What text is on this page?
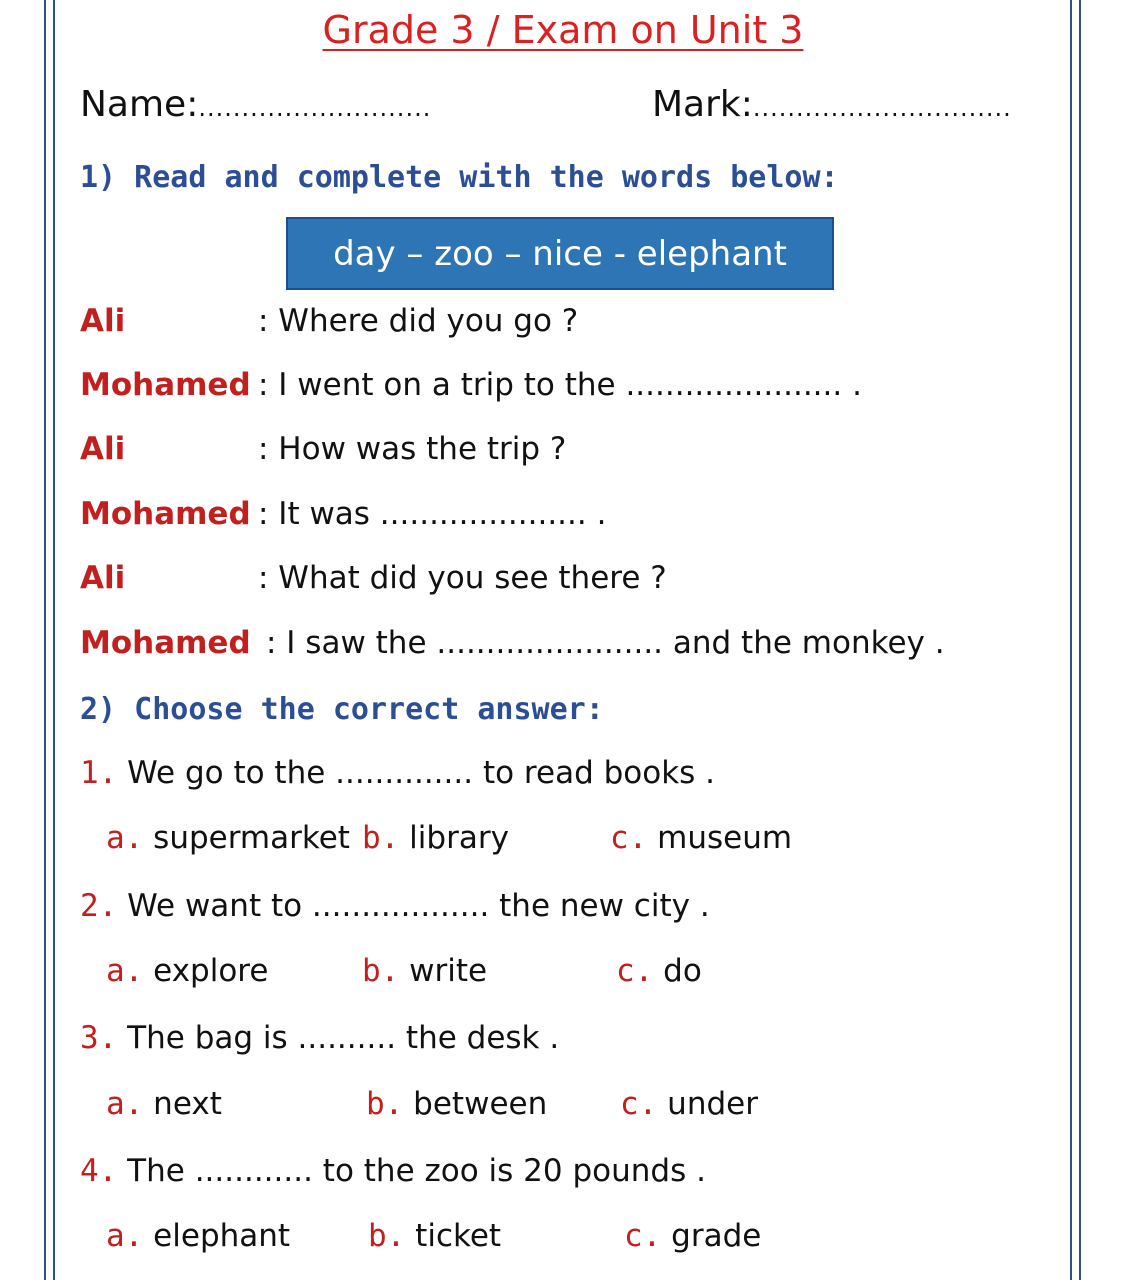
Grade 3 / Exam on Unit 3
Name:...........................	Mark:..............................
1) Read and complete with the words below:
day – zoo – nice - elephant
Ali	: Where did you go ?
Mohamed : I went on a trip to the ...................... .
Ali	: How was the trip ?
Mohamed : It was ..................... .
Ali	: What did you see there ?
Mohamed : I saw the ....................... and the monkey .
2) Choose the correct answer:
1. We go to the .............. to read books .
a. supermarket b. library	c. museum
2. We want to .................. the new city .
a. explore	b. write	c. do
3. The bag is .......... the desk .
a. next	b. between c. under
4. The ............ to the zoo is 20 pounds .
a. elephant	b. ticket	c. grade
